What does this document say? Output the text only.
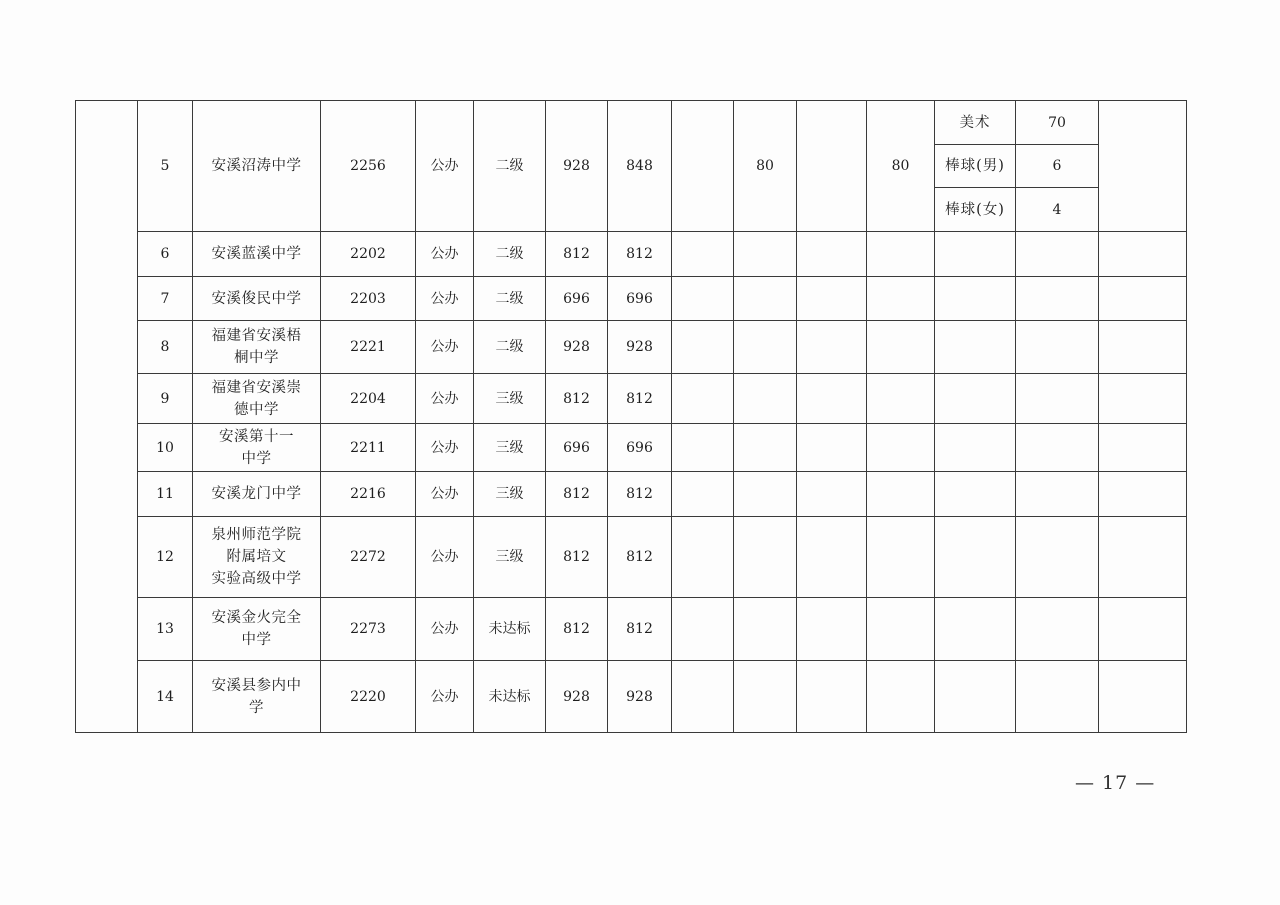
	5	安溪沼涛中学	2256	公办	二级	928	848		80		80	美术	70	
												棒球(男)	6	
												棒球(女)	4	
	6	安溪蓝溪中学	2202	公办	二级	812	812							
	7	安溪俊民中学	2203	公办	二级	696	696							
	8	福建省安溪梧
桐中学	2221	公办	二级	928	928							
	9	福建省安溪崇
德中学	2204	公办	三级	812	812							
	10	安溪第十一
中学	2211	公办	三级	696	696							
	11	安溪龙门中学	2216	公办	三级	812	812							
	12	泉州师范学院
附属培文
实验高级中学	2272	公办	三级	812	812							
	13	安溪金火完全
中学	2273	公办	未达标	812	812							
	14	安溪县参内中
学	2220	公办	未达标	928	928							
— 17 —
